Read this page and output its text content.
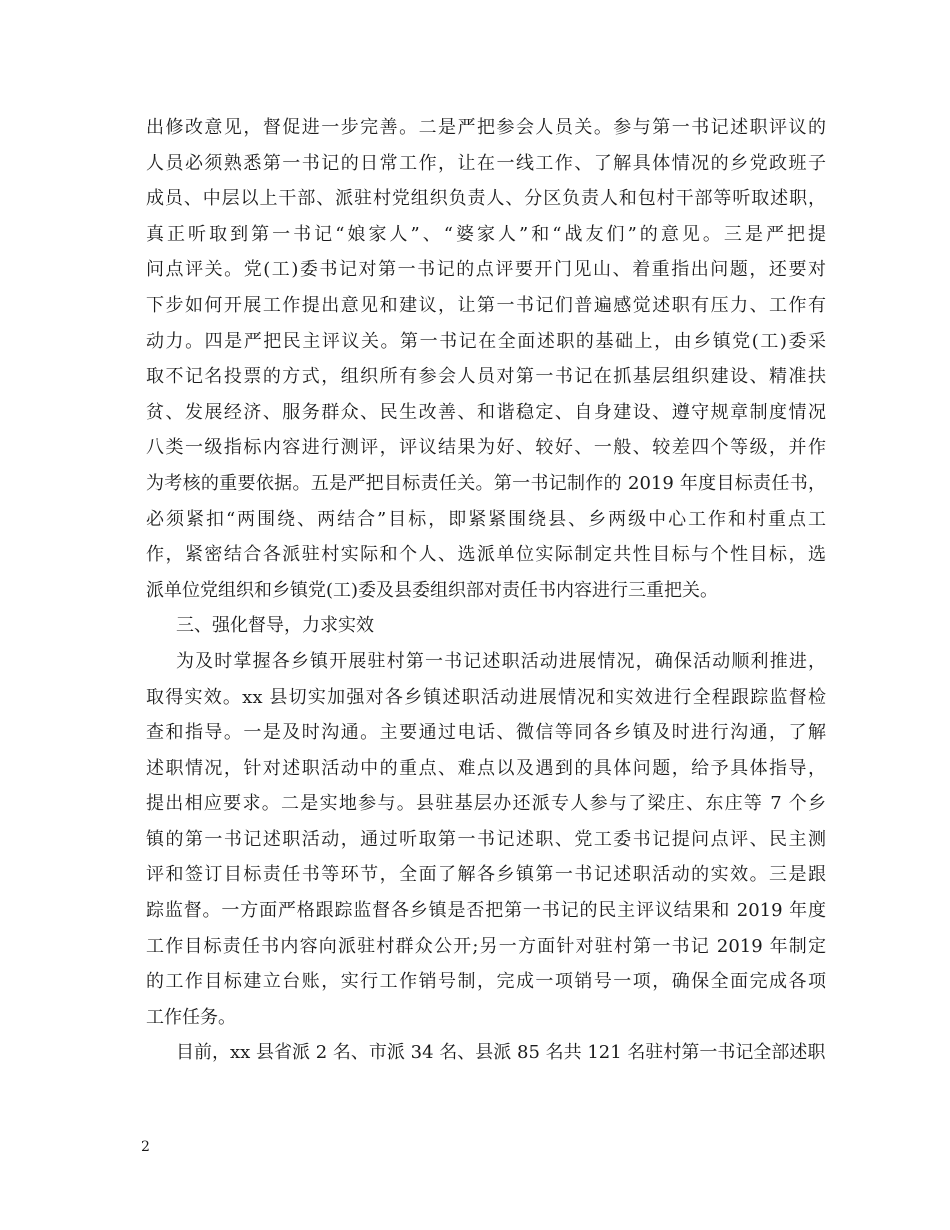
出修改意见，督促进一步完善。二是严把参会人员关。参与第一书记述职评议的
人员必须熟悉第一书记的日常工作，让在一线工作、了解具体情况的乡党政班子
成员、中层以上干部、派驻村党组织负责人、分区负责人和包村干部等听取述职，
真正听取到第一书记“娘家人”、“婆家人”和“战友们”的意见。三是严把提
问点评关。党(工)委书记对第一书记的点评要开门见山、着重指出问题，还要对
下步如何开展工作提出意见和建议，让第一书记们普遍感觉述职有压力、工作有
动力。四是严把民主评议关。第一书记在全面述职的基础上，由乡镇党(工)委采
取不记名投票的方式，组织所有参会人员对第一书记在抓基层组织建设、精准扶
贫、发展经济、服务群众、民生改善、和谐稳定、自身建设、遵守规章制度情况
八类一级指标内容进行测评，评议结果为好、较好、一般、较差四个等级，并作
为考核的重要依据。五是严把目标责任关。第一书记制作的 2019 年度目标责任书，
必须紧扣“两围绕、两结合”目标，即紧紧围绕县、乡两级中心工作和村重点工
作，紧密结合各派驻村实际和个人、选派单位实际制定共性目标与个性目标，选
派单位党组织和乡镇党(工)委及县委组织部对责任书内容进行三重把关。
三、强化督导，力求实效
为及时掌握各乡镇开展驻村第一书记述职活动进展情况，确保活动顺利推进，
取得实效。xx 县切实加强对各乡镇述职活动进展情况和实效进行全程跟踪监督检
查和指导。一是及时沟通。主要通过电话、微信等同各乡镇及时进行沟通，了解
述职情况，针对述职活动中的重点、难点以及遇到的具体问题，给予具体指导，
提出相应要求。二是实地参与。县驻基层办还派专人参与了梁庄、东庄等 7 个乡
镇的第一书记述职活动，通过听取第一书记述职、党工委书记提问点评、民主测
评和签订目标责任书等环节，全面了解各乡镇第一书记述职活动的实效。三是跟
踪监督。一方面严格跟踪监督各乡镇是否把第一书记的民主评议结果和 2019 年度
工作目标责任书内容向派驻村群众公开;另一方面针对驻村第一书记 2019 年制定
的工作目标建立台账，实行工作销号制，完成一项销号一项，确保全面完成各项
工作任务。
目前，xx 县省派 2 名、市派 34 名、县派 85 名共 121 名驻村第一书记全部述职
2
